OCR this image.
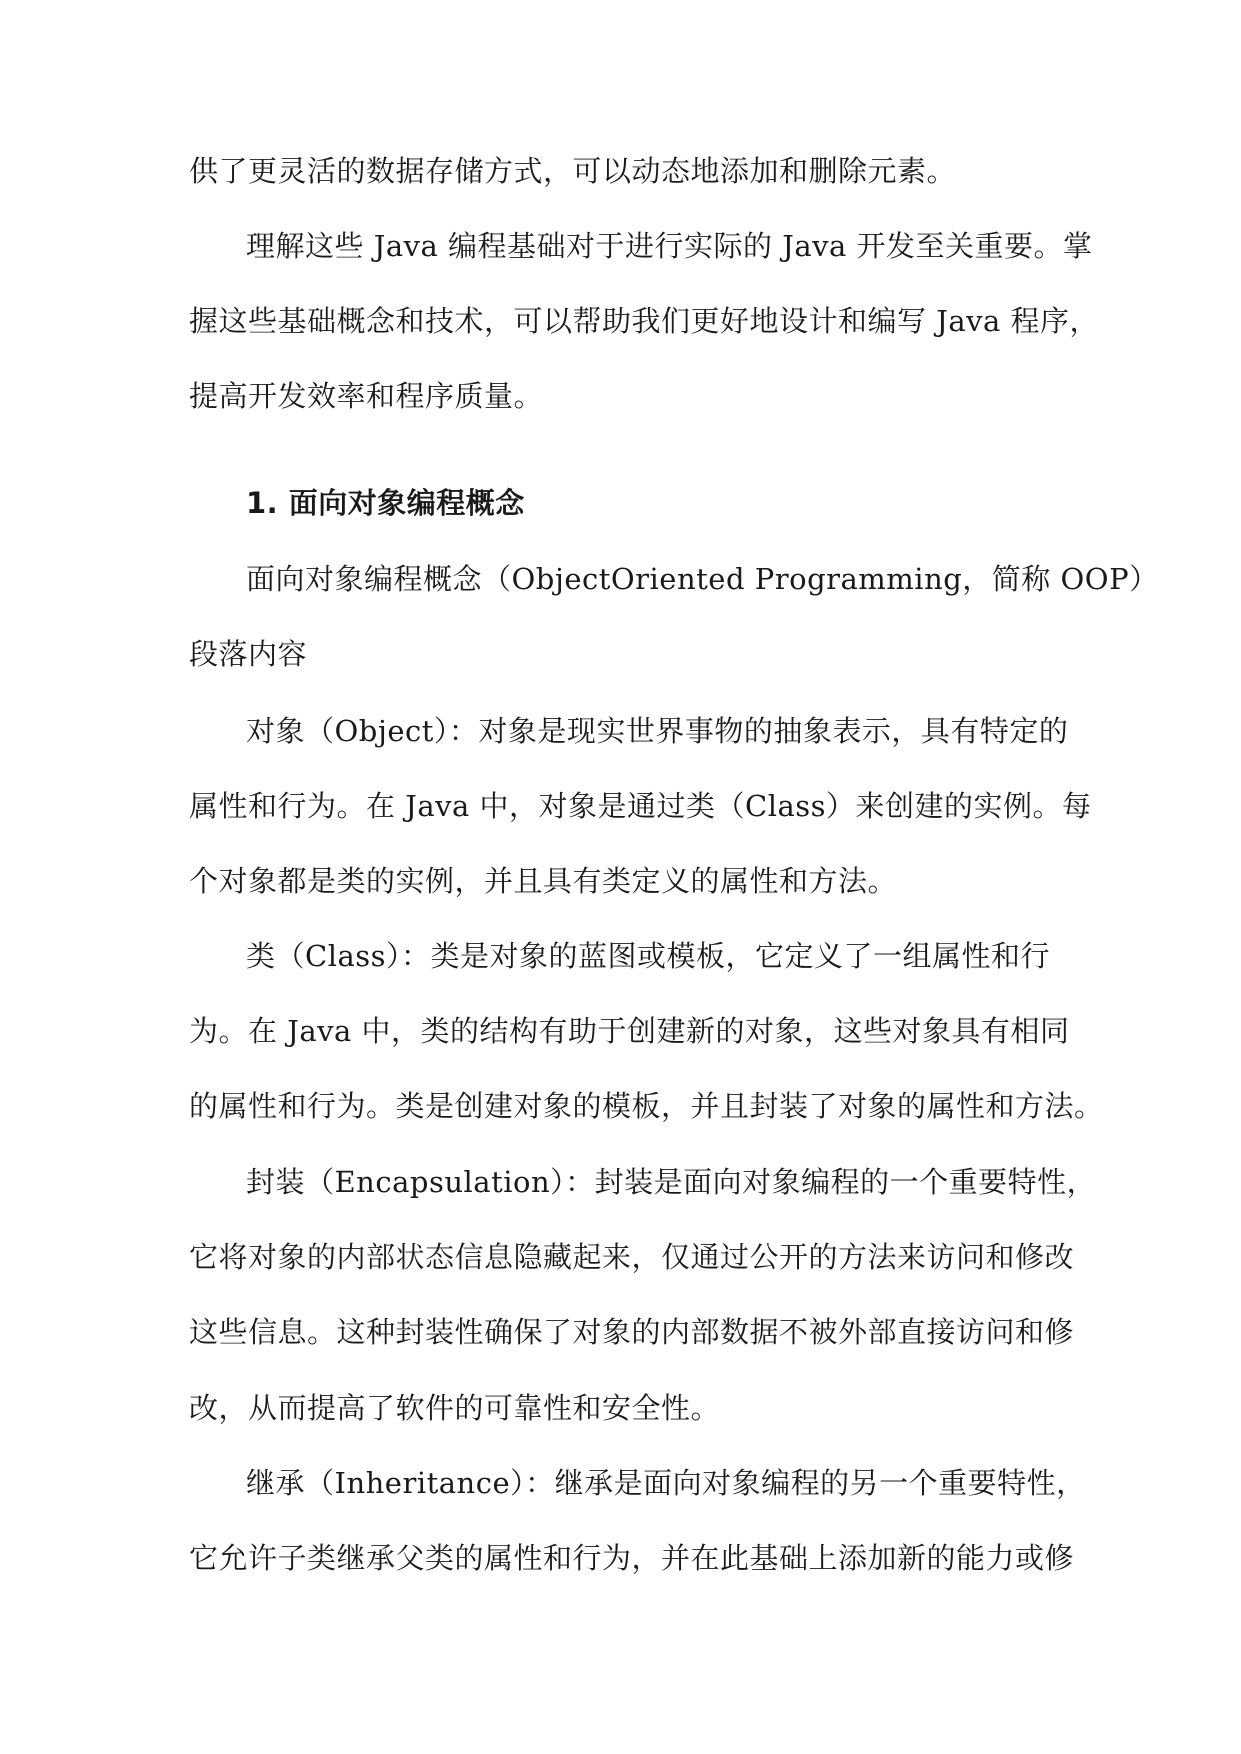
供了更灵活的数据存储方式，可以动态地添加和删除元素。
理解这些 Java 编程基础对于进行实际的 Java 开发至关重要。掌
握这些基础概念和技术，可以帮助我们更好地设计和编写 Java 程序，
提高开发效率和程序质量。
1. 面向对象编程概念
面向对象编程概念（ObjectOriented Programming，简称 OOP）
段落内容
对象（Object）：对象是现实世界事物的抽象表示，具有特定的
属性和行为。在 Java 中，对象是通过类（Class）来创建的实例。每
个对象都是类的实例，并且具有类定义的属性和方法。
类（Class）：类是对象的蓝图或模板，它定义了一组属性和行
为。在 Java 中，类的结构有助于创建新的对象，这些对象具有相同
的属性和行为。类是创建对象的模板，并且封装了对象的属性和方法。
封装（Encapsulation）：封装是面向对象编程的一个重要特性，
它将对象的内部状态信息隐藏起来，仅通过公开的方法来访问和修改
这些信息。这种封装性确保了对象的内部数据不被外部直接访问和修
改，从而提高了软件的可靠性和安全性。
继承（Inheritance）：继承是面向对象编程的另一个重要特性，
它允许子类继承父类的属性和行为，并在此基础上添加新的能力或修
